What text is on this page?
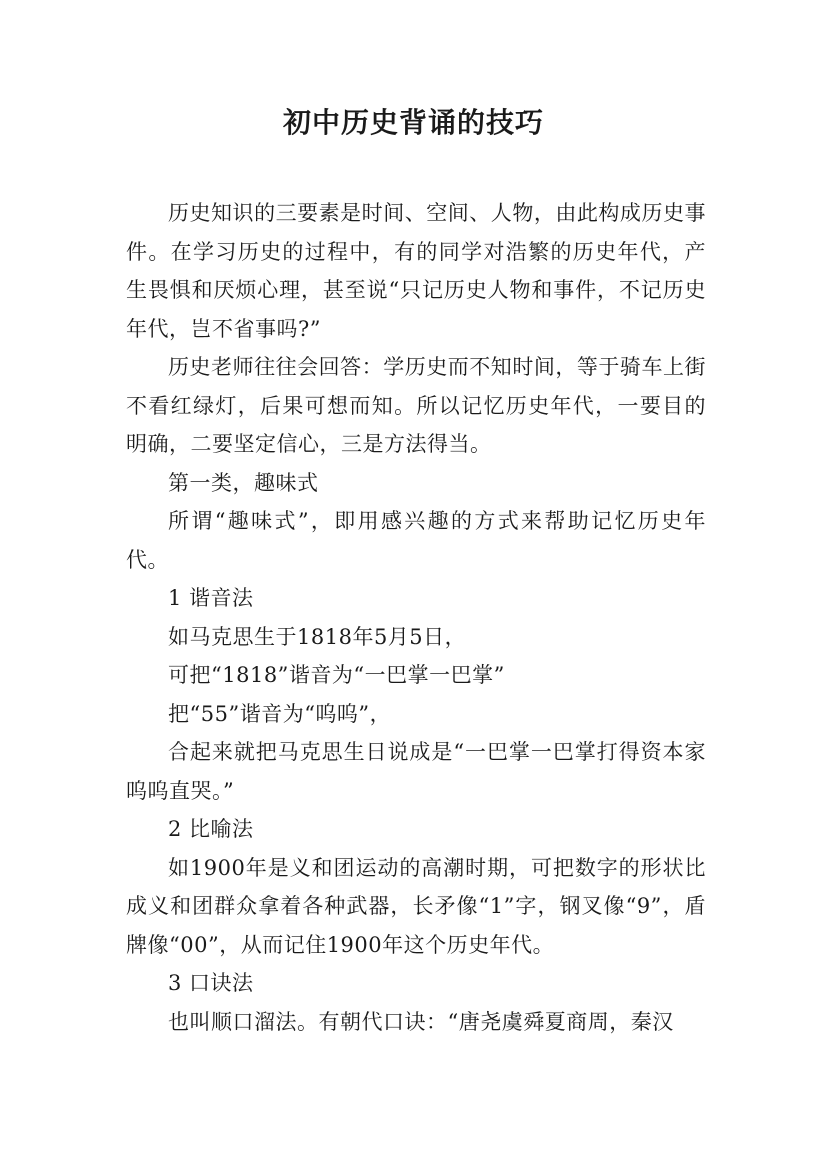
初中历史背诵的技巧

历史知识的三要素是时间、空间、人物，由此构成历史事件。在学习历史的过程中，有的同学对浩繁的历史年代，产生畏惧和厌烦心理，甚至说“只记历史人物和事件，不记历史年代，岂不省事吗?”

历史老师往往会回答：学历史而不知时间，等于骑车上街不看红绿灯，后果可想而知。所以记忆历史年代，一要目的明确，二要坚定信心，三是方法得当。

第一类，趣味式

所谓“趣味式”，即用感兴趣的方式来帮助记忆历史年代。

1 谐音法

如马克思生于1818年5月5日，

可把“1818”谐音为“一巴掌一巴掌”

把“55”谐音为“呜呜”，

合起来就把马克思生日说成是“一巴掌一巴掌打得资本家呜呜直哭。”

2 比喻法

如1900年是义和团运动的高潮时期，可把数字的形状比成义和团群众拿着各种武器，长矛像“1”字，钢叉像“9”，盾牌像“00”，从而记住1900年这个历史年代。

3 口诀法

也叫顺口溜法。有朝代口诀：“唐尧虞舜夏商周，秦汉
